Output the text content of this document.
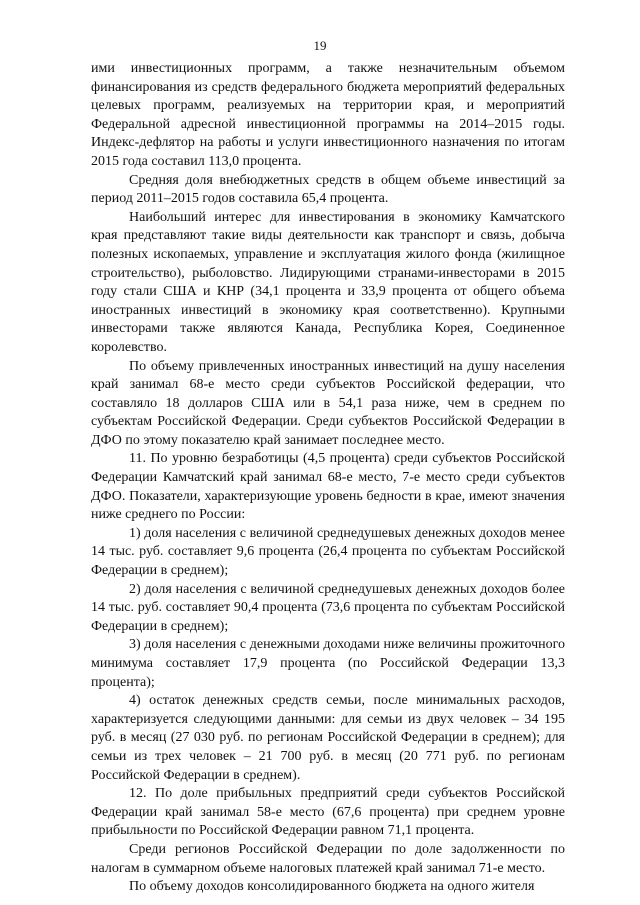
19

ими инвестиционных программ, а также незначительным объемом финансирования из средств федерального бюджета мероприятий федеральных целевых программ, реализуемых на территории края, и мероприятий Федеральной адресной инвестиционной программы на 2014–2015 годы. Индекс-дефлятор на работы и услуги инвестиционного назначения по итогам 2015 года составил 113,0 процента.

Средняя доля внебюджетных средств в общем объеме инвестиций за период 2011–2015 годов составила 65,4 процента.

Наибольший интерес для инвестирования в экономику Камчатского края представляют такие виды деятельности как транспорт и связь, добыча полезных ископаемых, управление и эксплуатация жилого фонда (жилищное строительство), рыболовство. Лидирующими странами-инвесторами в 2015 году стали США и КНР (34,1 процента и 33,9 процента от общего объема иностранных инвестиций в экономику края соответственно). Крупными инвесторами также являются Канада, Республика Корея, Соединенное королевство.

По объему привлеченных иностранных инвестиций на душу населения край занимал 68-е место среди субъектов Российской федерации, что составляло 18 долларов США или в 54,1 раза ниже, чем в среднем по субъектам Российской Федерации. Среди субъектов Российской Федерации в ДФО по этому показателю край занимает последнее место.

11. По уровню безработицы (4,5 процента) среди субъектов Российской Федерации Камчатский край занимал 68-е место, 7-е место среди субъектов ДФО. Показатели, характеризующие уровень бедности в крае, имеют значения ниже среднего по России:

1) доля населения с величиной среднедушевых денежных доходов менее 14 тыс. руб. составляет 9,6 процента (26,4 процента по субъектам Российской Федерации в среднем);

2) доля населения с величиной среднедушевых денежных доходов более 14 тыс. руб. составляет 90,4 процента (73,6 процента по субъектам Российской Федерации в среднем);

3) доля населения с денежными доходами ниже величины прожиточного минимума составляет 17,9 процента (по Российской Федерации 13,3 процента);

4) остаток денежных средств семьи, после минимальных расходов, характеризуется следующими данными: для семьи из двух человек – 34 195 руб. в месяц (27 030 руб. по регионам Российской Федерации в среднем); для семьи из трех человек – 21 700 руб. в месяц (20 771 руб. по регионам Российской Федерации в среднем).

12. По доле прибыльных предприятий среди субъектов Российской Федерации край занимал 58-е место (67,6 процента) при среднем уровне прибыльности по Российской Федерации равном 71,1 процента.

Среди регионов Российской Федерации по доле задолженности по налогам в суммарном объеме налоговых платежей край занимал 71-е место.

По объему доходов консолидированного бюджета на одного жителя
